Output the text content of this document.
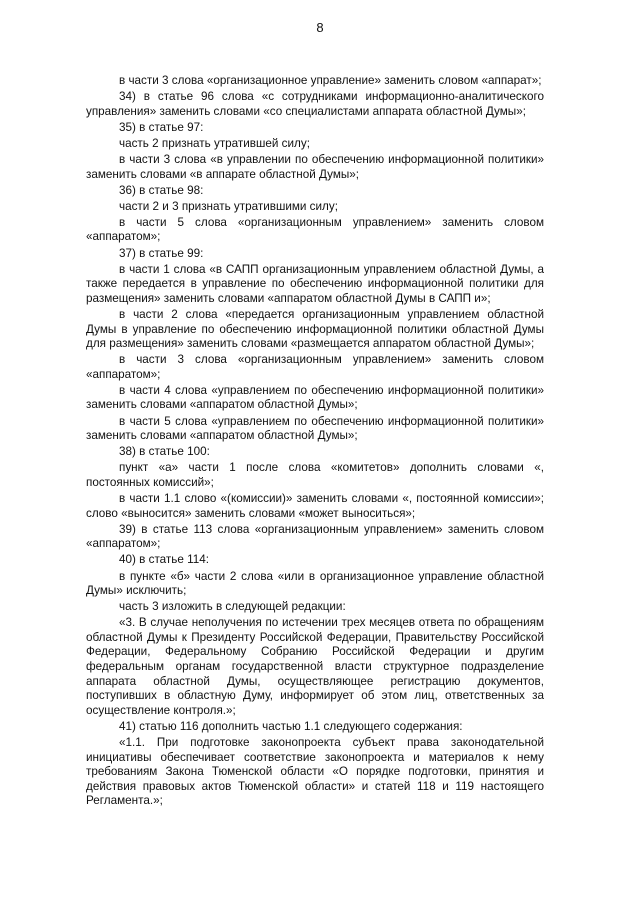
8

в части 3 слова «организационное управление» заменить словом «аппарат»;

34) в статье 96 слова «с сотрудниками информационно-аналитического управления» заменить словами «со специалистами аппарата областной Думы»;

35) в статье 97:

часть 2 признать утратившей силу;

в части 3 слова «в управлении по обеспечению информационной политики» заменить словами «в аппарате областной Думы»;

36) в статье 98:

части 2 и 3 признать утратившими силу;

в части 5 слова «организационным управлением» заменить словом «аппаратом»;

37) в статье 99:

в части 1 слова «в САПП организационным управлением областной Думы, а также передается в управление по обеспечению информационной политики для размещения» заменить словами «аппаратом областной Думы в САПП и»;

в части 2 слова «передается организационным управлением областной Думы в управление по обеспечению информационной политики областной Думы для размещения» заменить словами «размещается аппаратом областной Думы»;

в части 3 слова «организационным управлением» заменить словом «аппаратом»;

в части 4 слова «управлением по обеспечению информационной политики» заменить словами «аппаратом областной Думы»;

в части 5 слова «управлением по обеспечению информационной политики» заменить словами «аппаратом областной Думы»;

38) в статье 100:

пункт «а» части 1 после слова «комитетов» дополнить словами «, постоянных комиссий»;

в части 1.1 слово «(комиссии)» заменить словами «, постоянной комиссии»; слово «выносится» заменить словами «может выноситься»;

39) в статье 113 слова «организационным управлением» заменить словом «аппаратом»;

40) в статье 114:

в пункте «б» части 2 слова «или в организационное управление областной Думы» исключить;

часть 3 изложить в следующей редакции:

«3. В случае неполучения по истечении трех месяцев ответа по обращениям областной Думы к Президенту Российской Федерации, Правительству Российской Федерации, Федеральному Собранию Российской Федерации и другим федеральным органам государственной власти структурное подразделение аппарата областной Думы, осуществляющее регистрацию документов, поступивших в областную Думу, информирует об этом лиц, ответственных за осуществление контроля.»;

41) статью 116 дополнить частью 1.1 следующего содержания:

«1.1. При подготовке законопроекта субъект права законодательной инициативы обеспечивает соответствие законопроекта и материалов к нему требованиям Закона Тюменской области «О порядке подготовки, принятия и действия правовых актов Тюменской области» и статей 118 и 119 настоящего Регламента.»;
